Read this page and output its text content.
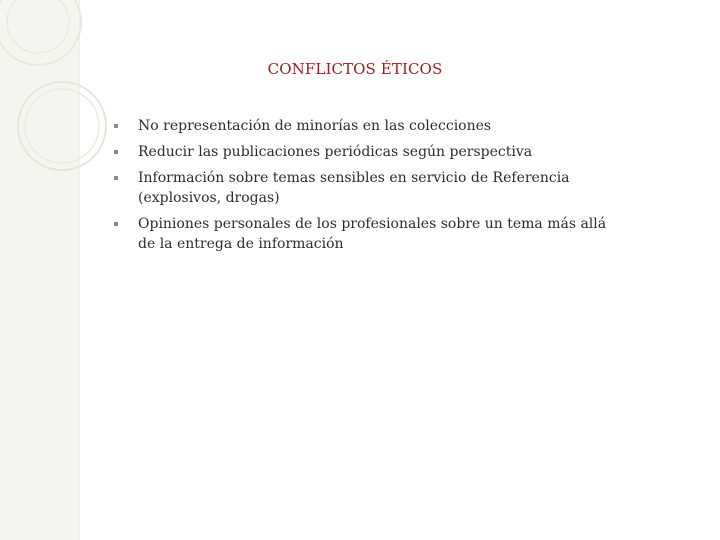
CONFLICTOS ÉTICOS
No representación de minorías en las colecciones
Reducir las publicaciones periódicas según perspectiva
Información sobre temas sensibles en servicio de Referencia (explosivos, drogas)
Opiniones personales de los profesionales sobre un tema más allá de la entrega de información
